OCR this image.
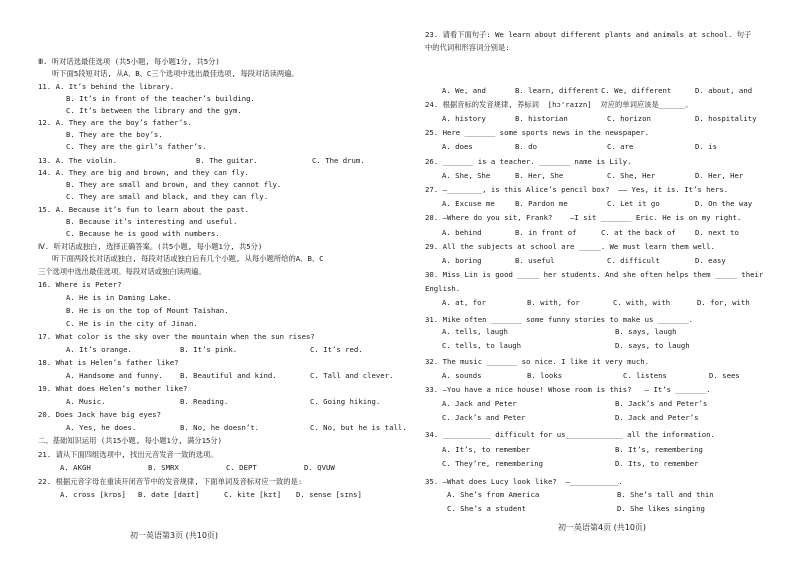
Ⅲ. 听对话选最佳选项 (共5小题, 每小题1分, 共5分)
听下面5段短对话, 从A、B、C三个选项中选出最佳选项, 每段对话读两遍。
11. A. It’s behind the library.
B. It’s in front of the teacher’s building.
C. It’s between the library and the gym.
12. A. They are the boy’s father’s.
B. They are the boy’s.
C. They are the girl’s father’s.
13. A. The violin.
14. A. They are big and brown, and they can fly.
B. They are small and brown, and they cannot fly.
C. They are small and black, and they can fly.
15. A. Because it’s fun to learn about the past.
B. Because it’s interesting and useful.
C. Because he is good with numbers.
Ⅳ. 听对话或独白, 选择正确答案。(共5小题, 每小题1分, 共5分)
听下面两段长对话或独白, 每段对话或独白后有几个小题, 从每小题所给的A、B、C
三个选项中选出最佳选项。每段对话或独白读两遍。
16. Where is Peter?
A. He is in Daming Lake.
B. He is on the top of Mount Taishan.
C. He is in the city of Jinan.
17. What color is the sky over the mountain when the sun rises?
A. It’s orange.
18. What is Helen’s father like?
A. Handsome and funny.
19. What does Helen’s mother like?
A. Music.
20. Does Jack have big eyes?
A. Yes, he does.
二、基础知识运用 (共15小题, 每小题1分, 满分15分)
21. 请从下面四组选项中, 找出元音发音一致的选项。
A. AKGH
22. 根据元音字母在重读开闭音节中的发音规律, 下面单词及音标对应一致的是:
A. cross [krɒs]
B. The guitar.	C. The drum.
B. It’s pink.	C. It’s red.
B. Beautiful and kind.	C. Tall and clever.
B. Reading.	C. Going hiking.
B. No, he doesn’t.	C. No, but he is tall.
B. SMRX	C. DEPT	D. QVUW
B. date [daɪt]	C. kite [kɪt] D. sense [sɪns]
23. 请看下面句子: We learn about different plants and animals at school. 句子
中的代词和形容词分别是:
24. 根据音标的发音规律, 养标词  [hɔ'raɪzn]  对应的单词应该是______。
25. Here _______ some sports news in the newspaper.
26. _______ is a teacher. _______ name is Lily.
27. —________, is this Alice’s pencil box?  —— Yes, it is. It’s hers.
28. —Where do you sit, Frank?    —I sit _______ Eric. He is on my right.
29. All the subjects at school are _____. We must learn them well.
30. Miss Lin is good _____ her students. And she often helps them _____ their
English.
31. Mike often _______ some funny stories to make us _______.
32. The music _______ so nice. I like it very much.
33. —You have a nice house! Whose room is this?   — It’s _______.
34. ___________ difficult for us_____________ all the information.
35. —What does Lucy look like?  —___________.
A. We, and	B. learn, different C. We, different	D. about, and
A. history	B. historian	C. horizon	D. hospitality
A. does	B. do	C. are	D. is
A. She, She	B. Her, She	C. She, Her	D. Her, Her
A. Excuse me	B. Pardon me	C. Let it go	D. On the way
A. behind	B. in front of	C. at the back of	D. next to
A. boring	B. useful	C. difficult	D. easy
A. at, for	B. with, for	C. with, with	D. for, with
A. tells, laugh	B. says, laugh
C. tells, to laugh	D. says, to laugh
A. sounds	B. looks	C. listens	D. sees
A. Jack and Peter	B. Jack’s and Peter’s
C. Jack’s and Peter	D. Jack and Peter’s
A. It’s, to remember	B. It’s, remembering
C. They’re, remembering	D. Its, to remember
A. She’s from America	B. She’s tall and thin
C. She’s a student	D. She likes singing
初一英语第3页 (共10页)
初一英语第4页 (共10页)
